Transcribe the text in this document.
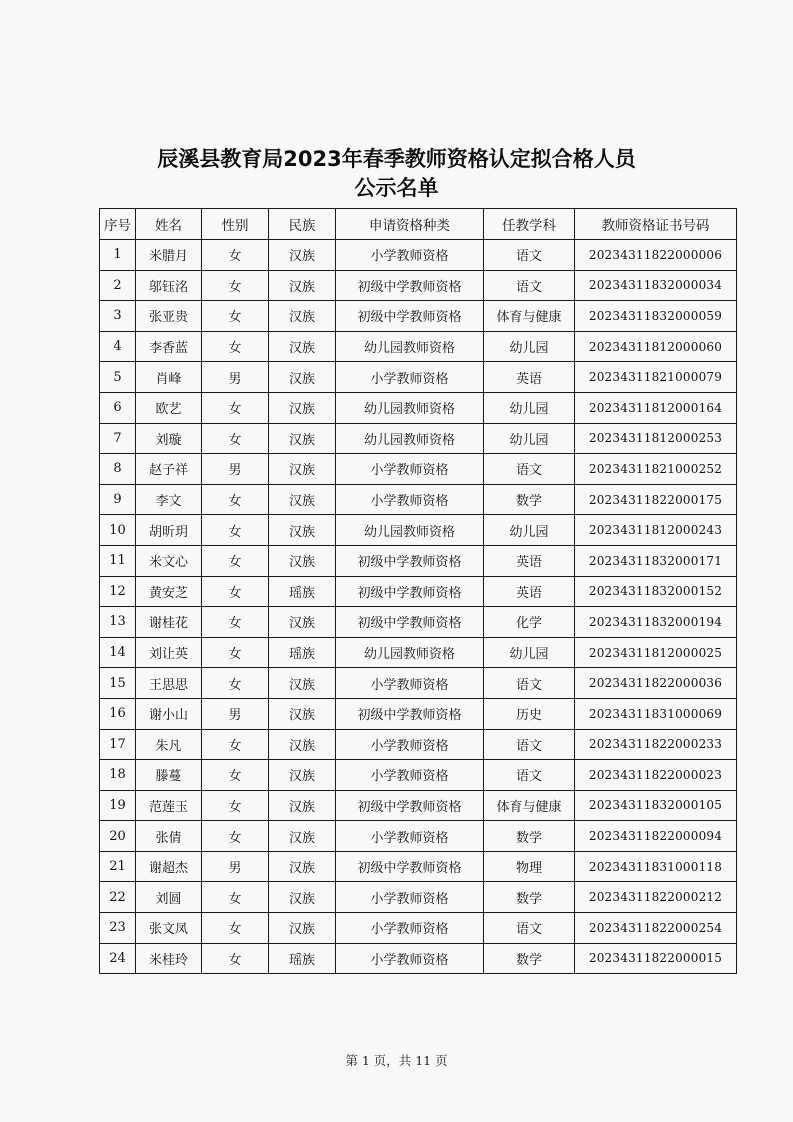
辰溪县教育局2023年春季教师资格认定拟合格人员
公示名单
序号	姓名	性别	民族	申请资格种类	任教学科	教师资格证书号码
1	米腊月	女	汉族	小学教师资格	语文	20234311822000006
2	邬钰洺	女	汉族	初级中学教师资格	语文	20234311832000034
3	张亚贵	女	汉族	初级中学教师资格	体育与健康	20234311832000059
4	李香蓝	女	汉族	幼儿园教师资格	幼儿园	20234311812000060
5	肖峰	男	汉族	小学教师资格	英语	20234311821000079
6	欧艺	女	汉族	幼儿园教师资格	幼儿园	20234311812000164
7	刘璇	女	汉族	幼儿园教师资格	幼儿园	20234311812000253
8	赵子祥	男	汉族	小学教师资格	语文	20234311821000252
9	李文	女	汉族	小学教师资格	数学	20234311822000175
10	胡昕玥	女	汉族	幼儿园教师资格	幼儿园	20234311812000243
11	米文心	女	汉族	初级中学教师资格	英语	20234311832000171
12	黄安芝	女	瑶族	初级中学教师资格	英语	20234311832000152
13	谢桂花	女	汉族	初级中学教师资格	化学	20234311832000194
14	刘让英	女	瑶族	幼儿园教师资格	幼儿园	20234311812000025
15	王思思	女	汉族	小学教师资格	语文	20234311822000036
16	谢小山	男	汉族	初级中学教师资格	历史	20234311831000069
17	朱凡	女	汉族	小学教师资格	语文	20234311822000233
18	滕蔓	女	汉族	小学教师资格	语文	20234311822000023
19	范莲玉	女	汉族	初级中学教师资格	体育与健康	20234311832000105
20	张倩	女	汉族	小学教师资格	数学	20234311822000094
21	谢超杰	男	汉族	初级中学教师资格	物理	20234311831000118
22	刘圆	女	汉族	小学教师资格	数学	20234311822000212
23	张文凤	女	汉族	小学教师资格	语文	20234311822000254
24	米桂玲	女	瑶族	小学教师资格	数学	20234311822000015
第 1 页，共 11 页
